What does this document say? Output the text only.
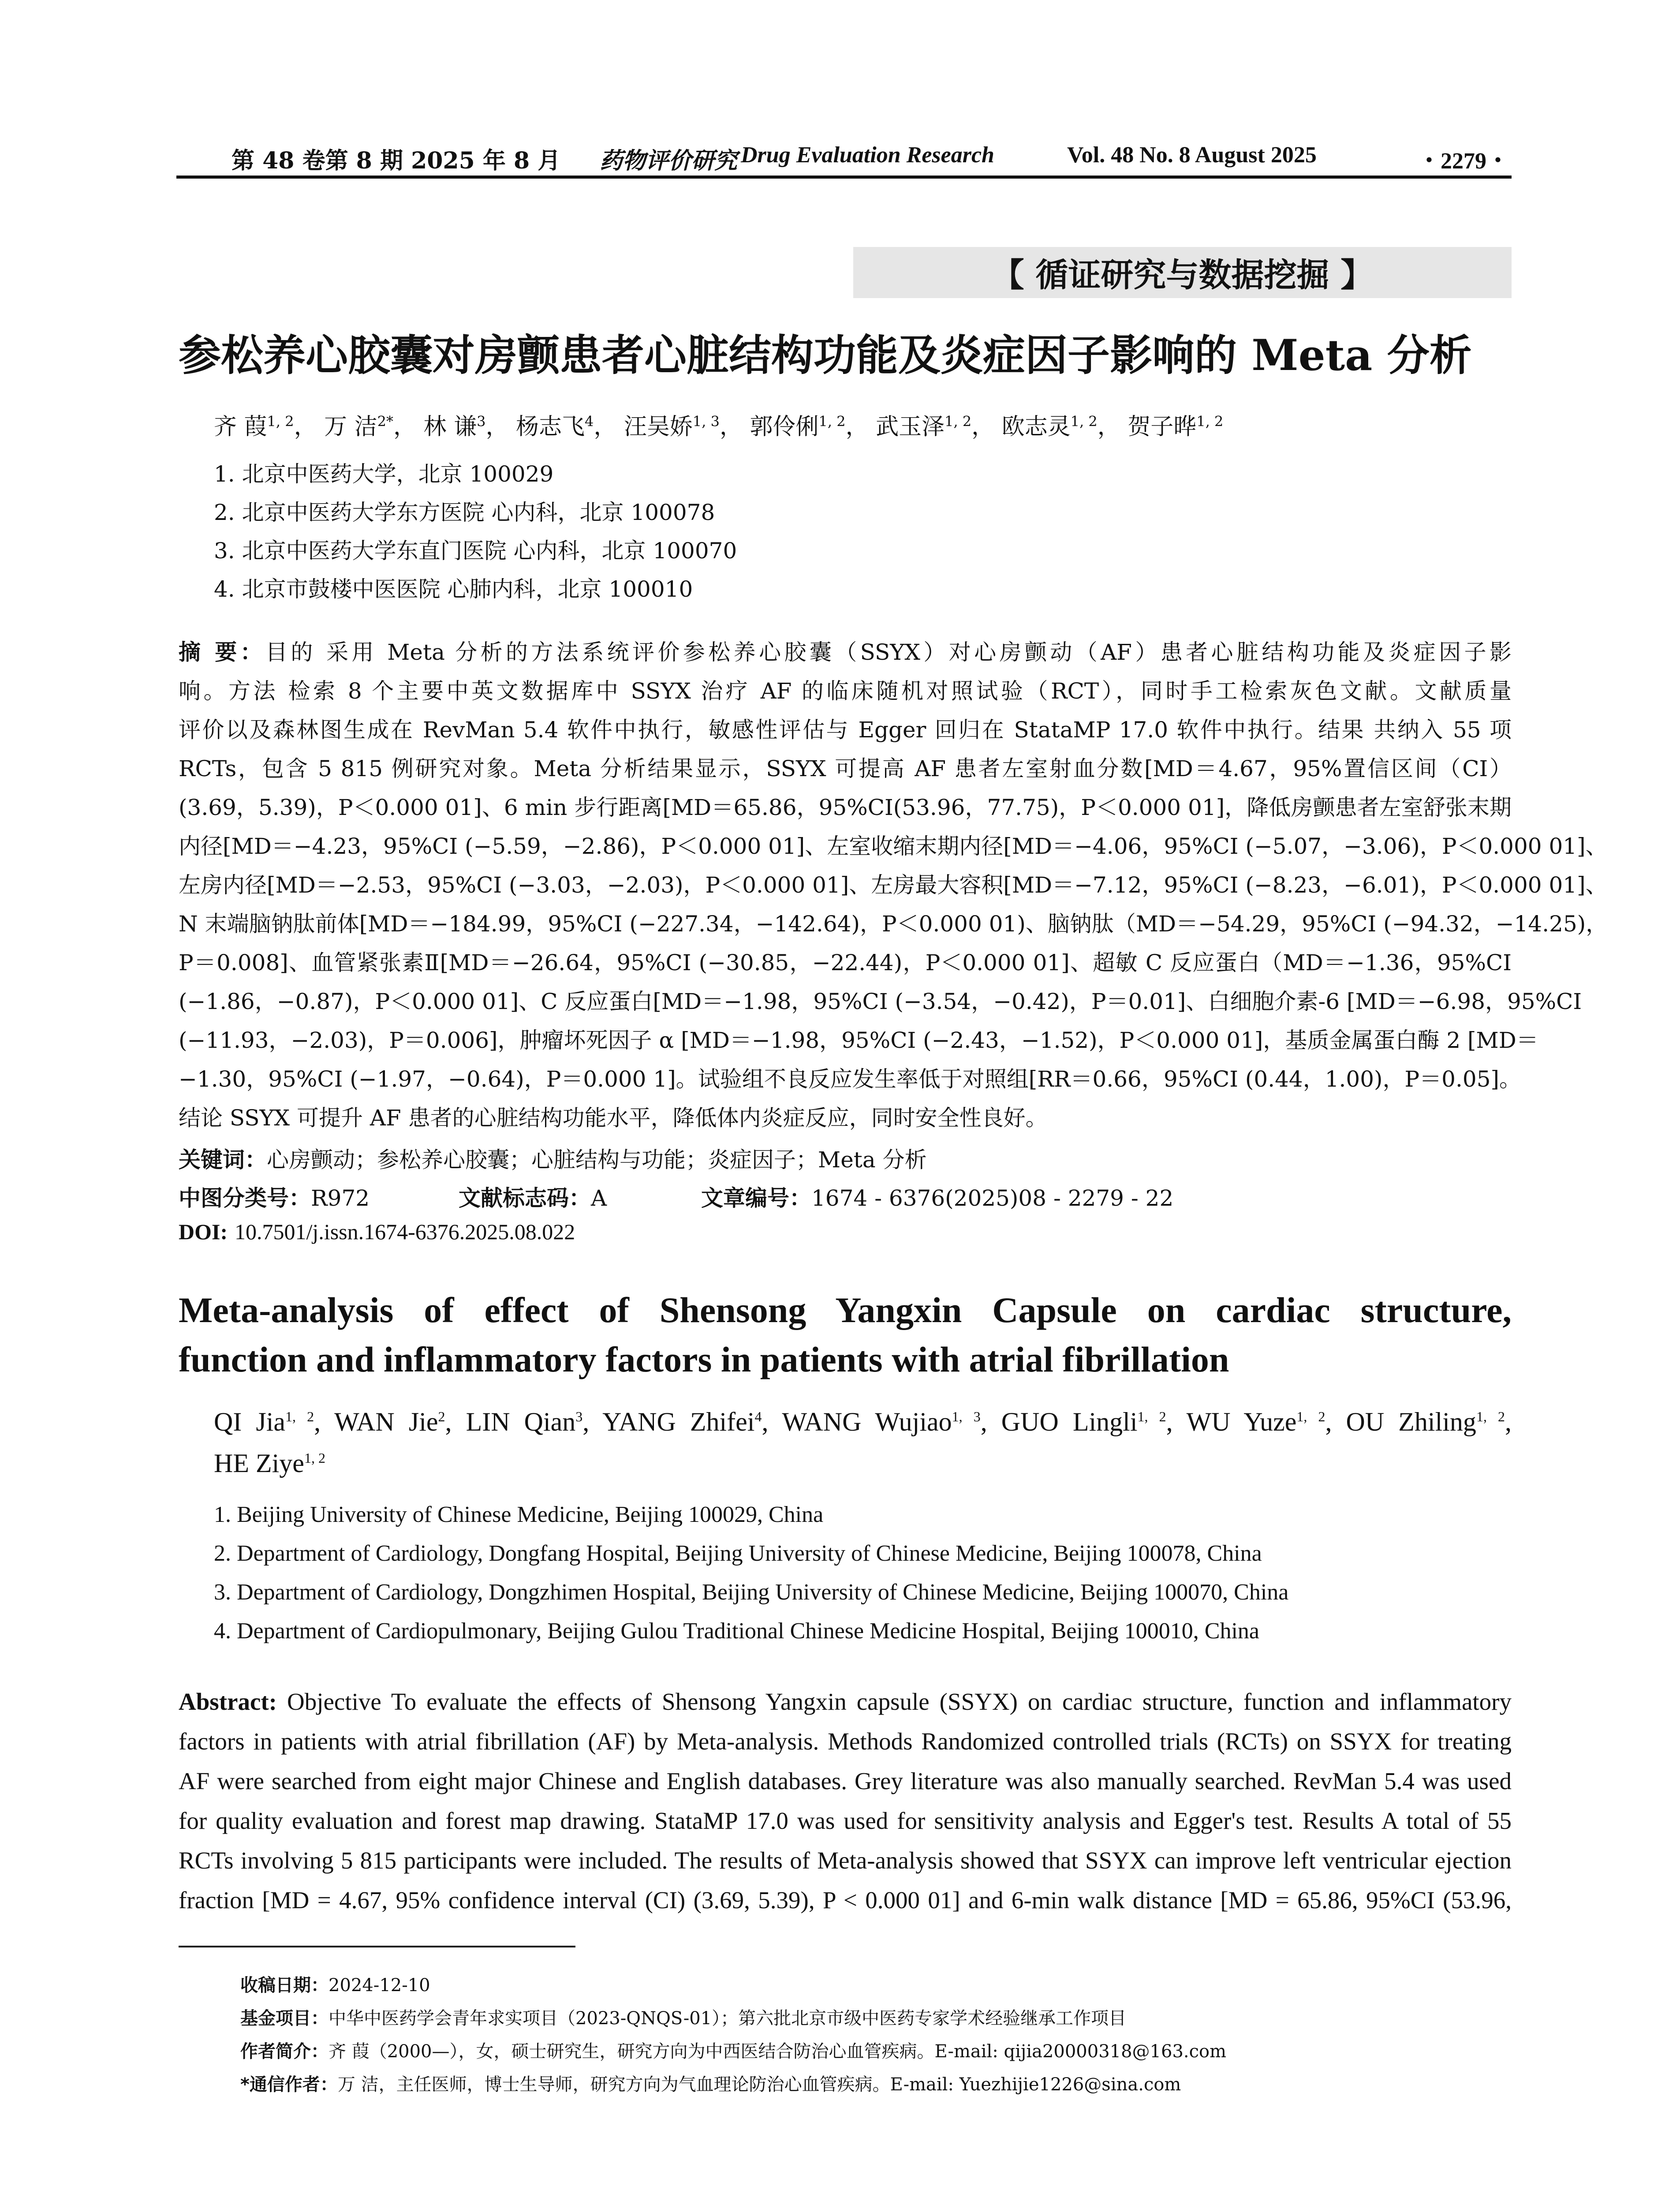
第 48 卷第 8 期 2025 年 8 月 药物评价研究 Drug Evaluation Research	Vol. 48 No. 8 August 2025	・2279・
【 循证研究与数据挖掘 】
参松养心胶囊对房颤患者心脏结构功能及炎症因子影响的 Meta 分析
齐 葭$^{1, 2}$， 万 洁$^{2*}$， 林 谦$^3$， 杨志飞$^4$， 汪吴娇$^{1, 3}$， 郭伶俐$^{1, 2}$， 武玉泽$^{1, 2}$， 欧志灵$^{1, 2}$， 贺子晔$^{1, 2}$
1. 北京中医药大学，北京 100029
2. 北京中医药大学东方医院 心内科，北京 100078
3. 北京中医药大学东直门医院 心内科，北京 100070
4. 北京市鼓楼中医医院 心肺内科，北京 100010
摘 要：目的 采用 Meta 分析的方法系统评价参松养心胶囊（SSYX）对心房颤动（AF）患者心脏结构功能及炎症因子影
响。方法 检索 8 个主要中英文数据库中 SSYX 治疗 AF 的临床随机对照试验（RCT），同时手工检索灰色文献。文献质量
评价以及森林图生成在 RevMan 5.4 软件中执行，敏感性评估与 Egger 回归在 StataMP 17.0 软件中执行。结果 共纳入 55 项
RCTs，包含 5 815 例研究对象。Meta 分析结果显示，SSYX 可提高 AF 患者左室射血分数[MD＝4.67，95%置信区间（CI）
(3.69，5.39)，P＜0.000 01]、6 min 步行距离[MD＝65.86，95%CI(53.96，77.75)，P＜0.000 01]，降低房颤患者左室舒张末期
内径[MD＝−4.23，95%CI (−5.59，−2.86)，P＜0.000 01]、左室收缩末期内径[MD＝−4.06，95%CI (−5.07，−3.06)，P＜0.000 01]、
左房内径[MD＝−2.53，95%CI (−3.03，−2.03)，P＜0.000 01]、左房最大容积[MD＝−7.12，95%CI (−8.23，−6.01)，P＜0.000 01]、
N 末端脑钠肽前体[MD＝−184.99，95%CI (−227.34，−142.64)，P＜0.000 01)、脑钠肽（MD＝−54.29，95%CI (−94.32，−14.25)，
P＝0.008]、血管紧张素Ⅱ[MD＝−26.64，95%CI (−30.85，−22.44)，P＜0.000 01]、超敏 C 反应蛋白（MD＝−1.36，95%CI
(−1.86，−0.87)，P＜0.000 01]、C 反应蛋白[MD＝−1.98，95%CI (−3.54，−0.42)，P＝0.01]、白细胞介素-6 [MD＝−6.98，95%CI
(−11.93，−2.03)，P＝0.006]，肿瘤坏死因子 α [MD＝−1.98，95%CI (−2.43，−1.52)，P＜0.000 01]，基质金属蛋白酶 2 [MD＝
−1.30，95%CI (−1.97，−0.64)，P＝0.000 1]。试验组不良反应发生率低于对照组[RR＝0.66，95%CI (0.44，1.00)，P＝0.05]。
结论 SSYX 可提升 AF 患者的心脏结构功能水平，降低体内炎症反应，同时安全性良好。
关键词：心房颤动；参松养心胶囊；心脏结构与功能；炎症因子；Meta 分析
中图分类号：R972	文献标志码：A	文章编号：1674 - 6376(2025)08 - 2279 - 22
DOI: 10.7501/j.issn.1674-6376.2025.08.022
Meta-analysis of effect of Shensong Yangxin Capsule on cardiac structure,
function and inflammatory factors in patients with atrial fibrillation
QI Jia$^{1, 2}$, WAN Jie$^2$, LIN Qian$^3$, YANG Zhifei$^4$, WANG Wujiao$^{1, 3}$, GUO Lingli$^{1, 2}$, WU Yuze$^{1, 2}$, OU Zhiling$^{1, 2}$,
HE Ziye$^{1, 2}$
1. Beijing University of Chinese Medicine, Beijing 100029, China
2. Department of Cardiology, Dongfang Hospital, Beijing University of Chinese Medicine, Beijing 100078, China
3. Department of Cardiology, Dongzhimen Hospital, Beijing University of Chinese Medicine, Beijing 100070, China
4. Department of Cardiopulmonary, Beijing Gulou Traditional Chinese Medicine Hospital, Beijing 100010, China
Abstract: Objective To evaluate the effects of Shensong Yangxin capsule (SSYX) on cardiac structure, function and inflammatory
factors in patients with atrial fibrillation (AF) by Meta-analysis. Methods Randomized controlled trials (RCTs) on SSYX for treating
AF were searched from eight major Chinese and English databases. Grey literature was also manually searched. RevMan 5.4 was used
for quality evaluation and forest map drawing. StataMP 17.0 was used for sensitivity analysis and Egger's test. Results A total of 55
RCTs involving 5 815 participants were included. The results of Meta-analysis showed that SSYX can improve left ventricular ejection
fraction [MD = 4.67, 95% confidence interval (CI) (3.69, 5.39), P < 0.000 01] and 6-min walk distance [MD = 65.86, 95%CI (53.96,
收稿日期：2024-12-10
基金项目：中华中医药学会青年求实项目（2023-QNQS-01）；第六批北京市级中医药专家学术经验继承工作项目
作者简介：齐 葭（2000—），女，硕士研究生，研究方向为中西医结合防治心血管疾病。E-mail: qijia20000318@163.com
*通信作者：万 洁，主任医师，博士生导师，研究方向为气血理论防治心血管疾病。E-mail: Yuezhijie1226@sina.com
